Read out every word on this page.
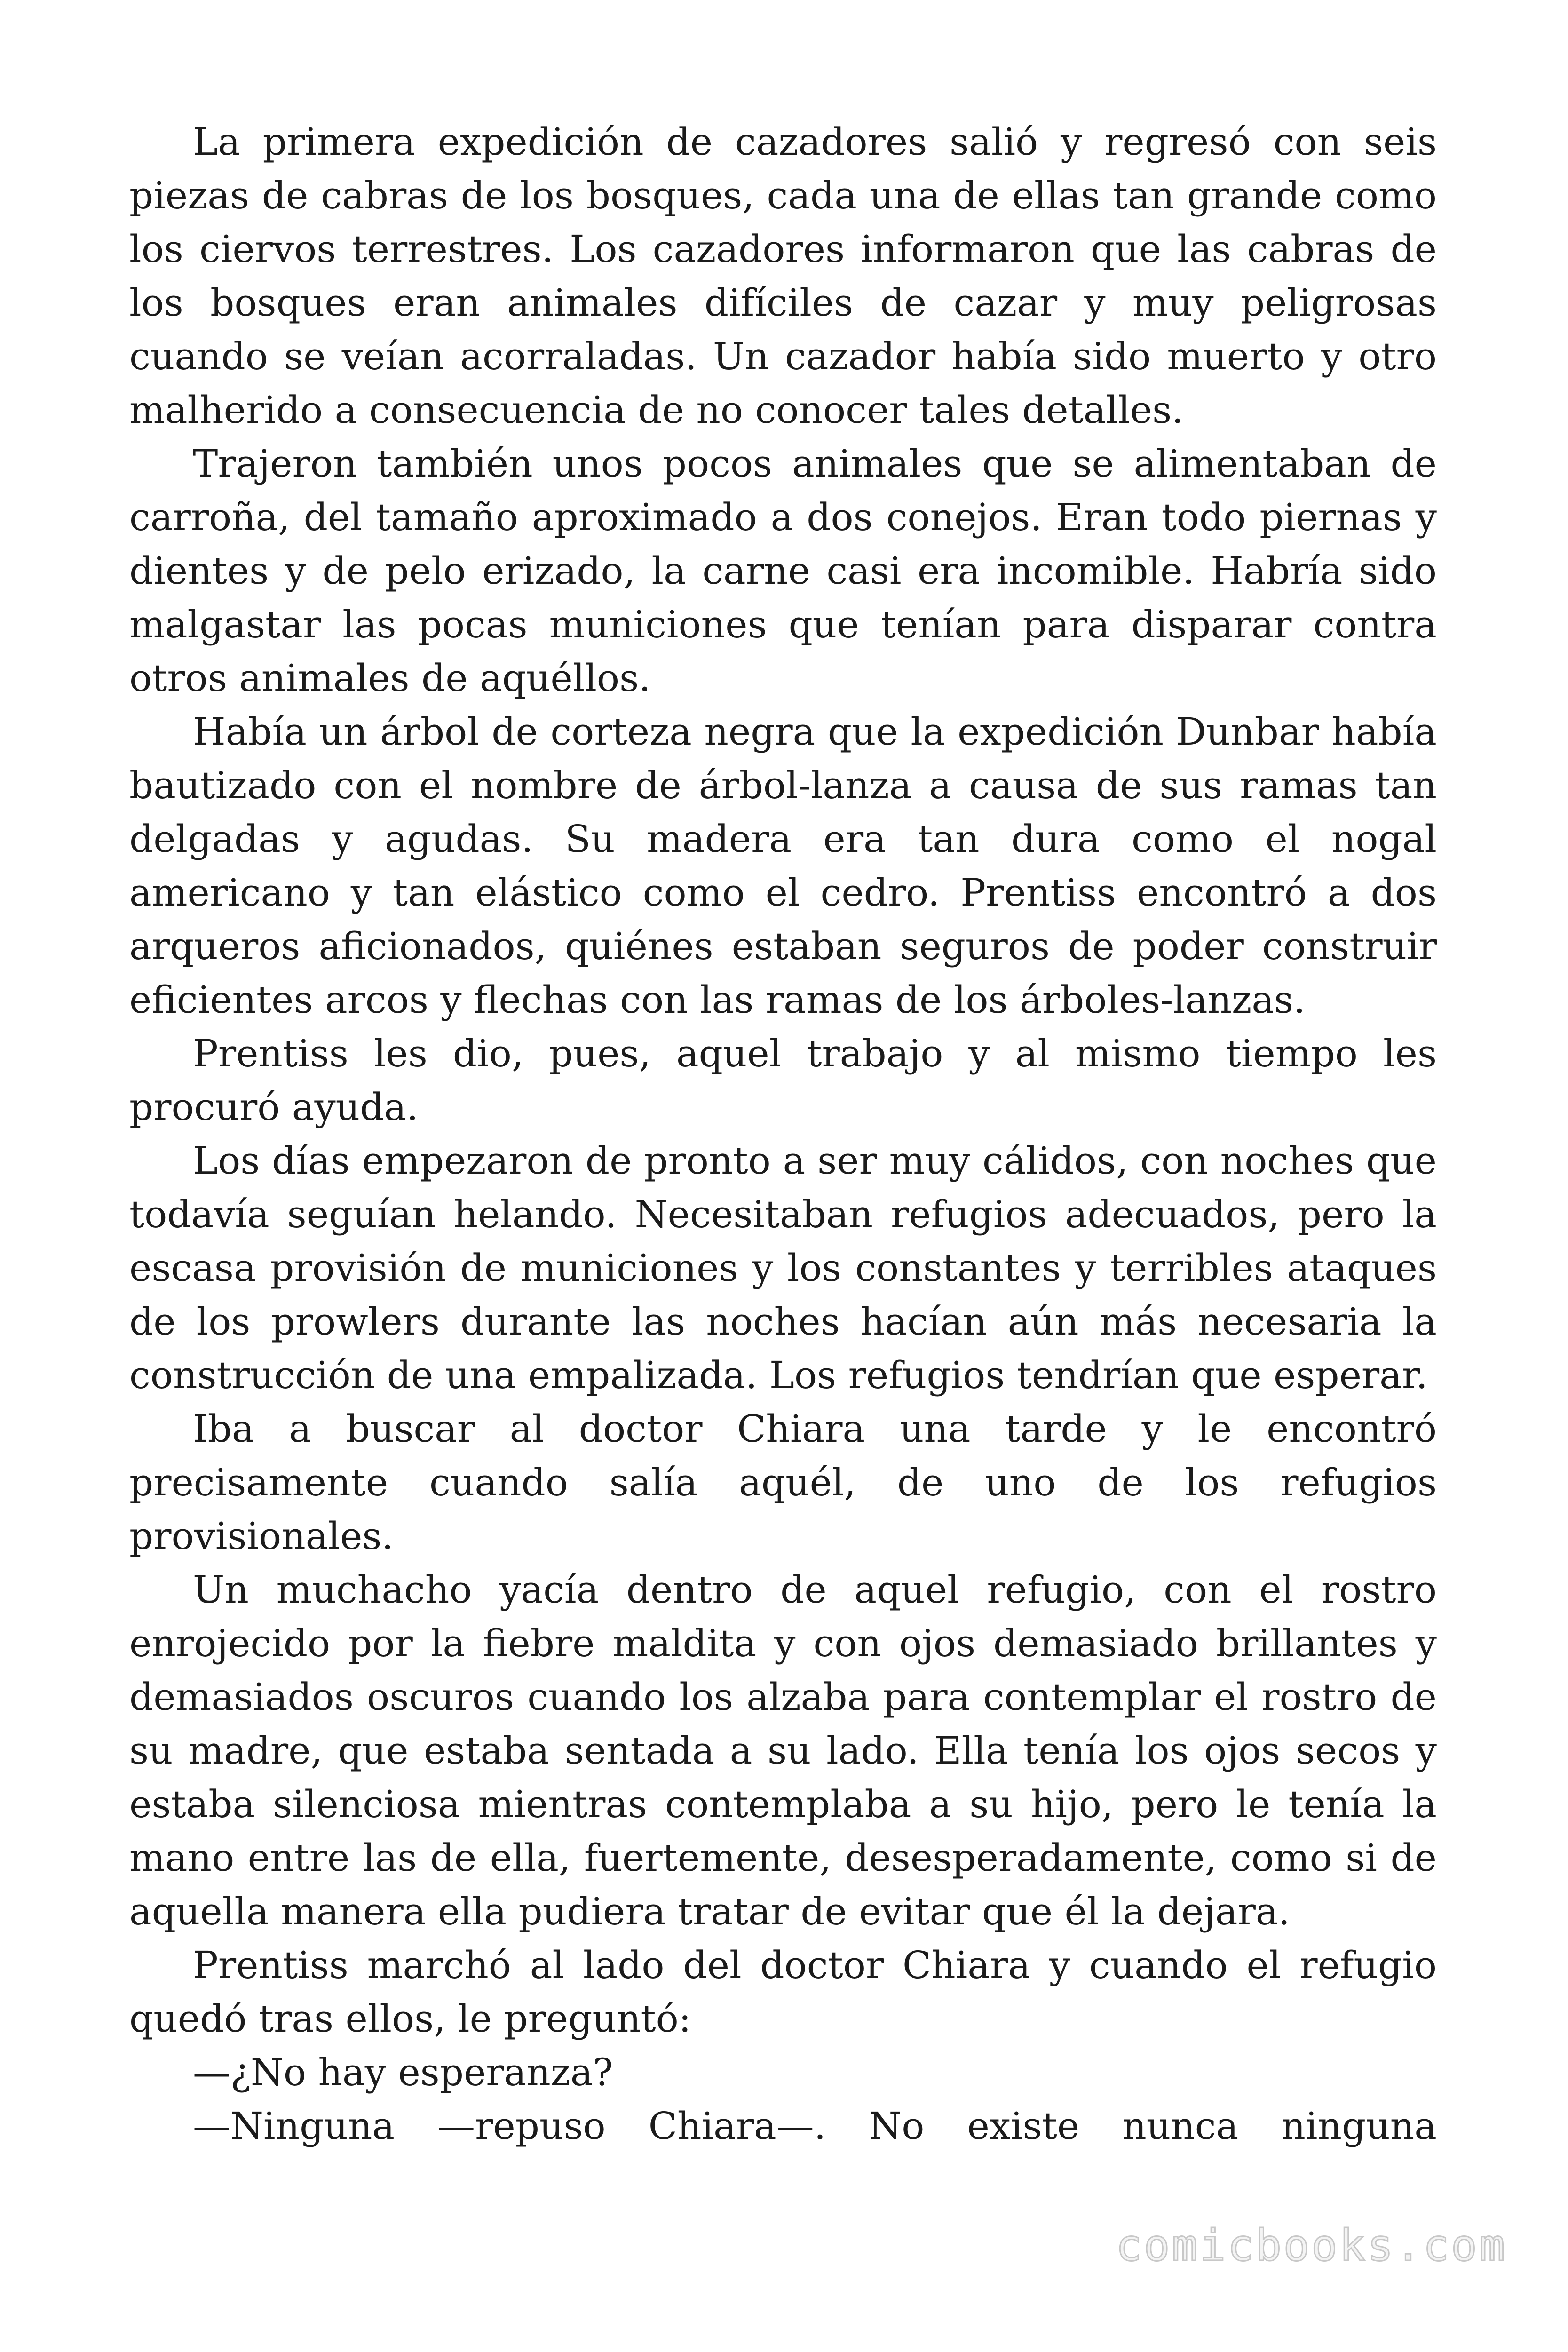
La primera expedición de cazadores salió y regresó con seis piezas de cabras de los bosques, cada una de ellas tan grande como los ciervos terrestres. Los cazadores informaron que las cabras de los bosques eran animales difíciles de cazar y muy peligrosas cuando se veían acorraladas. Un cazador había sido muerto y otro malherido a consecuencia de no conocer tales detalles.

Trajeron también unos pocos animales que se alimentaban de carroña, del tamaño aproximado a dos conejos. Eran todo piernas y dientes y de pelo erizado, la carne casi era incomible. Habría sido malgastar las pocas municiones que tenían para disparar contra otros animales de aquéllos.

Había un árbol de corteza negra que la expedición Dunbar había bautizado con el nombre de árbol-lanza a causa de sus ramas tan delgadas y agudas. Su madera era tan dura como el nogal americano y tan elástico como el cedro. Prentiss encontró a dos arqueros aficionados, quiénes estaban seguros de poder construir eficientes arcos y flechas con las ramas de los árboles-lanzas.

Prentiss les dio, pues, aquel trabajo y al mismo tiempo les procuró ayuda.

Los días empezaron de pronto a ser muy cálidos, con noches que todavía seguían helando. Necesitaban refugios adecuados, pero la escasa provisión de municiones y los constantes y terribles ataques de los prowlers durante las noches hacían aún más necesaria la construcción de una empalizada. Los refugios tendrían que esperar.

Iba a buscar al doctor Chiara una tarde y le encontró precisamente cuando salía aquél, de uno de los refugios provisionales.

Un muchacho yacía dentro de aquel refugio, con el rostro enrojecido por la fiebre maldita y con ojos demasiado brillantes y demasiados oscuros cuando los alzaba para contemplar el rostro de su madre, que estaba sentada a su lado. Ella tenía los ojos secos y estaba silenciosa mientras contemplaba a su hijo, pero le tenía la mano entre las de ella, fuertemente, desesperadamente, como si de aquella manera ella pudiera tratar de evitar que él la dejara.

Prentiss marchó al lado del doctor Chiara y cuando el refugio quedó tras ellos, le preguntó:

—¿No hay esperanza?

—Ninguna —repuso Chiara—. No existe nunca ninguna

comicbooks.com
